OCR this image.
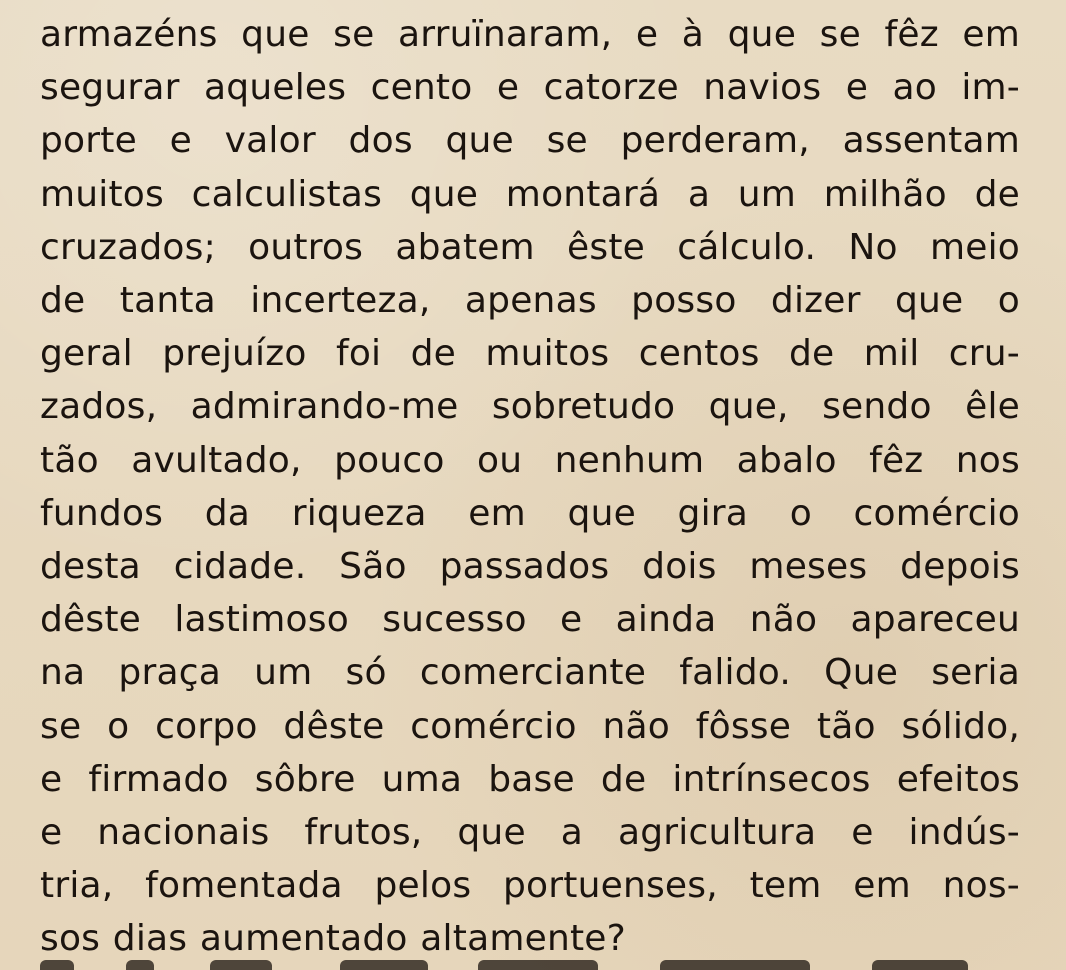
armazéns que se arruïnaram, e à que se fêz em
segurar aqueles cento e catorze navios e ao im-
porte e valor dos que se perderam, assentam
muitos calculistas que montará a um milhão de
cruzados; outros abatem êste cálculo. No meio
de tanta incerteza, apenas posso dizer que o
geral prejuízo foi de muitos centos de mil cru-
zados, admirando-me sobretudo que, sendo êle
tão avultado, pouco ou nenhum abalo fêz nos
fundos da riqueza em que gira o comércio
desta cidade. São passados dois meses depois
dêste lastimoso sucesso e ainda não apareceu
na praça um só comerciante falido. Que seria
se o corpo dêste comércio não fôsse tão sólido,
e firmado sôbre uma base de intrínsecos efeitos
e nacionais frutos, que a agricultura e indús-
tria, fomentada pelos portuenses, tem em nos-
sos dias aumentado altamente?
